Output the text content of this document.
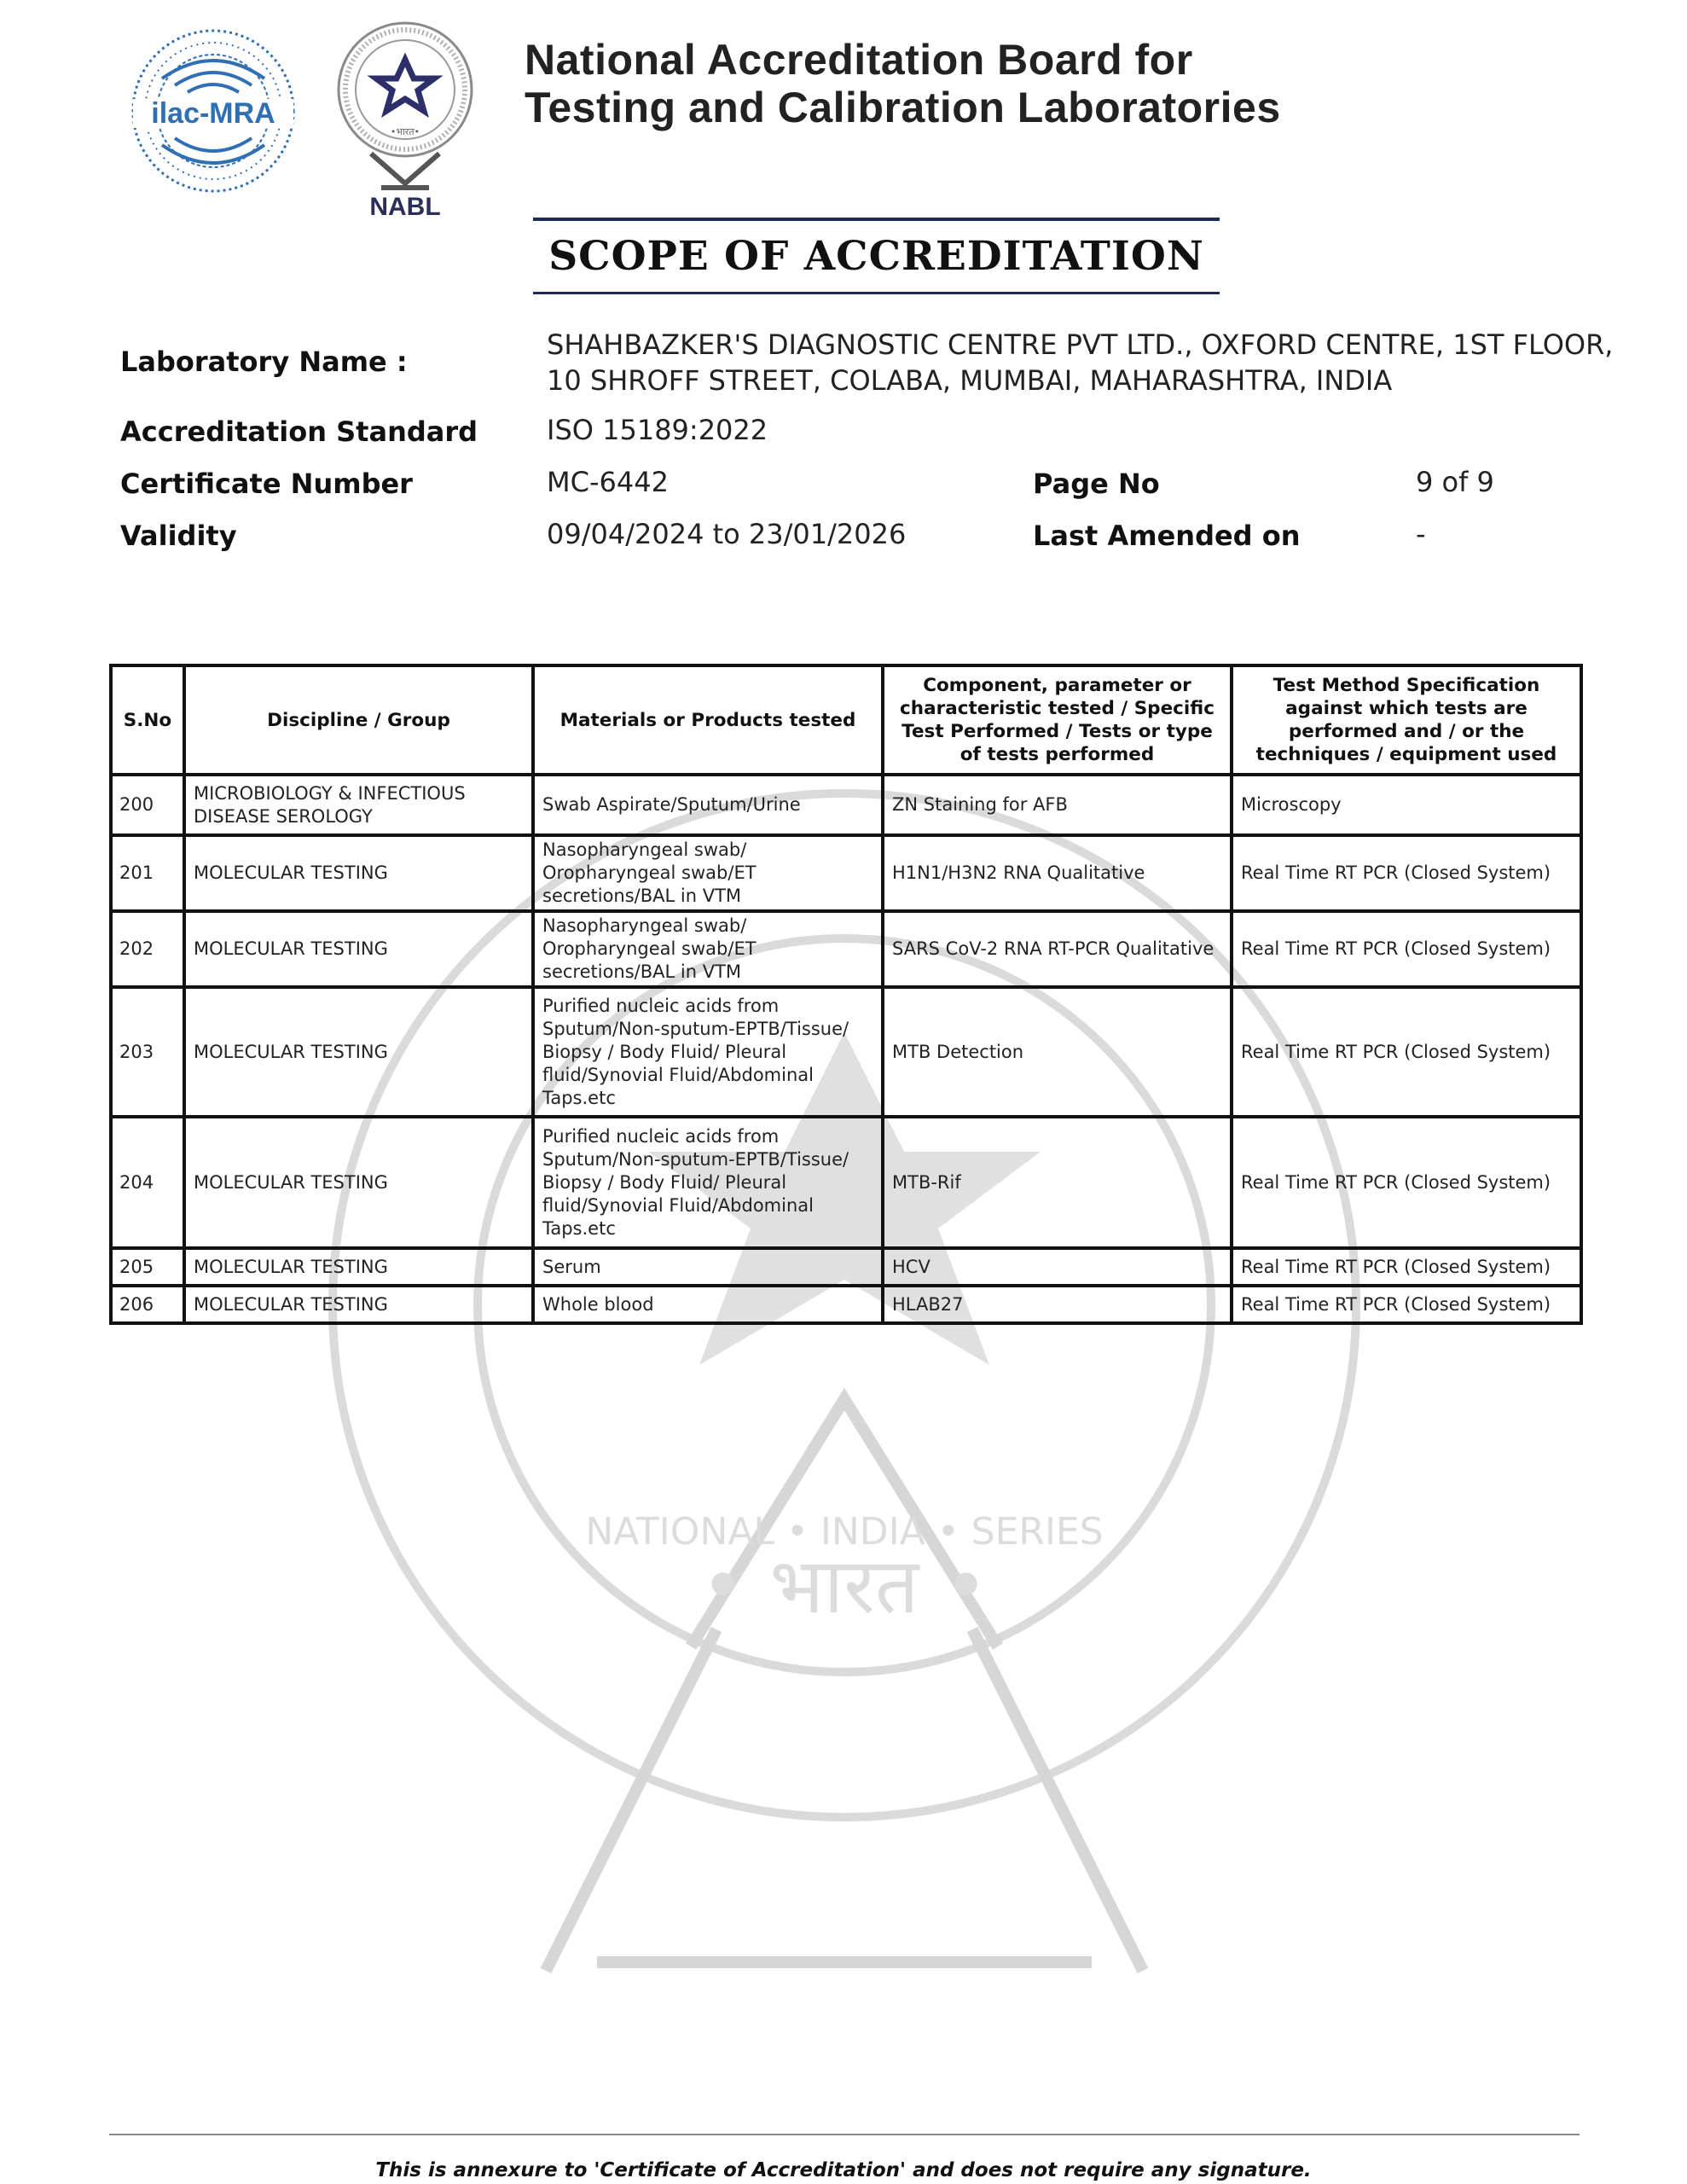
• भारत •
NATIONAL • INDIA • SERIES
ilac-MRA
•भारत•
NABL
National Accreditation Board for
Testing and Calibration Laboratories
SCOPE OF ACCREDITATION
Laboratory Name :
SHAHBAZKER'S DIAGNOSTIC CENTRE PVT LTD., OXFORD CENTRE, 1ST FLOOR,
10 SHROFF STREET, COLABA, MUMBAI, MAHARASHTRA, INDIA
Accreditation Standard	ISO 15189:2022
Certificate Number	MC-6442	Page No	9 of 9
Validity	09/04/2024 to 23/01/2026	Last Amended on	-
S.No	Discipline / Group	Materials or Products tested	Component, parameter or characteristic tested / Specific Test Performed / Tests or type of tests performed	Test Method Specification against which tests are performed and / or the techniques / equipment used
200	MICROBIOLOGY & INFECTIOUS DISEASE SEROLOGY	Swab Aspirate/Sputum/Urine	ZN Staining for AFB	Microscopy
201	MOLECULAR TESTING	Nasopharyngeal swab/ Oropharyngeal swab/ET secretions/BAL in VTM	H1N1/H3N2 RNA Qualitative	Real Time RT PCR (Closed System)
202	MOLECULAR TESTING	Nasopharyngeal swab/ Oropharyngeal swab/ET secretions/BAL in VTM	SARS CoV-2 RNA RT-PCR Qualitative	Real Time RT PCR (Closed System)
203	MOLECULAR TESTING	Purified nucleic acids from Sputum/Non-sputum-EPTB/Tissue/ Biopsy / Body Fluid/ Pleural fluid/Synovial Fluid/Abdominal Taps.etc	MTB Detection	Real Time RT PCR (Closed System)
204	MOLECULAR TESTING	Purified nucleic acids from Sputum/Non-sputum-EPTB/Tissue/ Biopsy / Body Fluid/ Pleural fluid/Synovial Fluid/Abdominal Taps.etc	MTB-Rif	Real Time RT PCR (Closed System)
205	MOLECULAR TESTING	Serum	HCV	Real Time RT PCR (Closed System)
206	MOLECULAR TESTING	Whole blood	HLAB27	Real Time RT PCR (Closed System)
This is annexure to 'Certificate of Accreditation' and does not require any signature.
